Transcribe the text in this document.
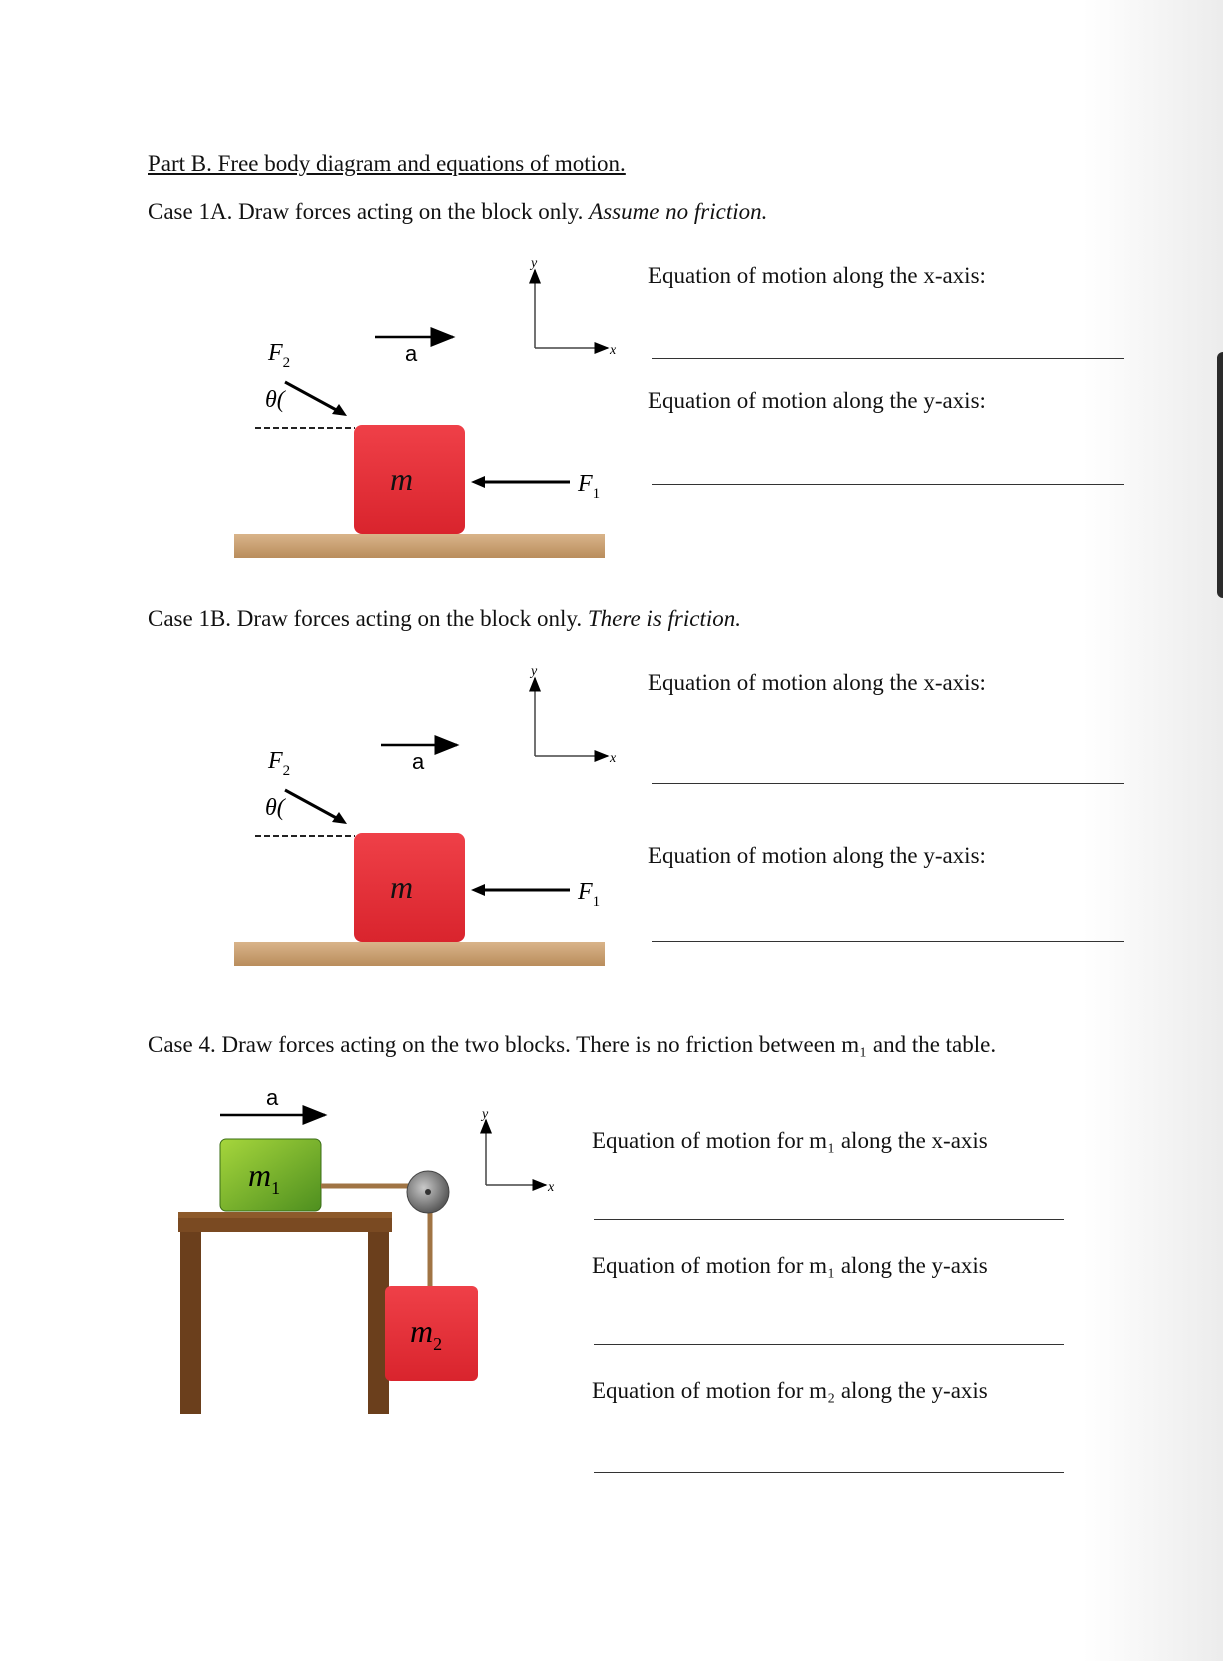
Part B. Free body diagram and equations of motion.
Case 1A. Draw forces acting on the block only. Assume no friction.
Equation of motion along the x-axis:
Equation of motion along the y-axis:
y
x
a
$F_2$
θ(
m	$F_1$
Case 1B. Draw forces acting on the block only. There is friction.
Equation of motion along the x-axis:
Equation of motion along the y-axis:
y
x
a
$F_2$
θ(
m	$F_1$
Case 4. Draw forces acting on the two blocks. There is no friction between m₁ and the table.
Equation of motion for m₁ along the x-axis
Equation of motion for m₁ along the y-axis
Equation of motion for m₂ along the y-axis
a
y
x
$m_1$
$m_2$
